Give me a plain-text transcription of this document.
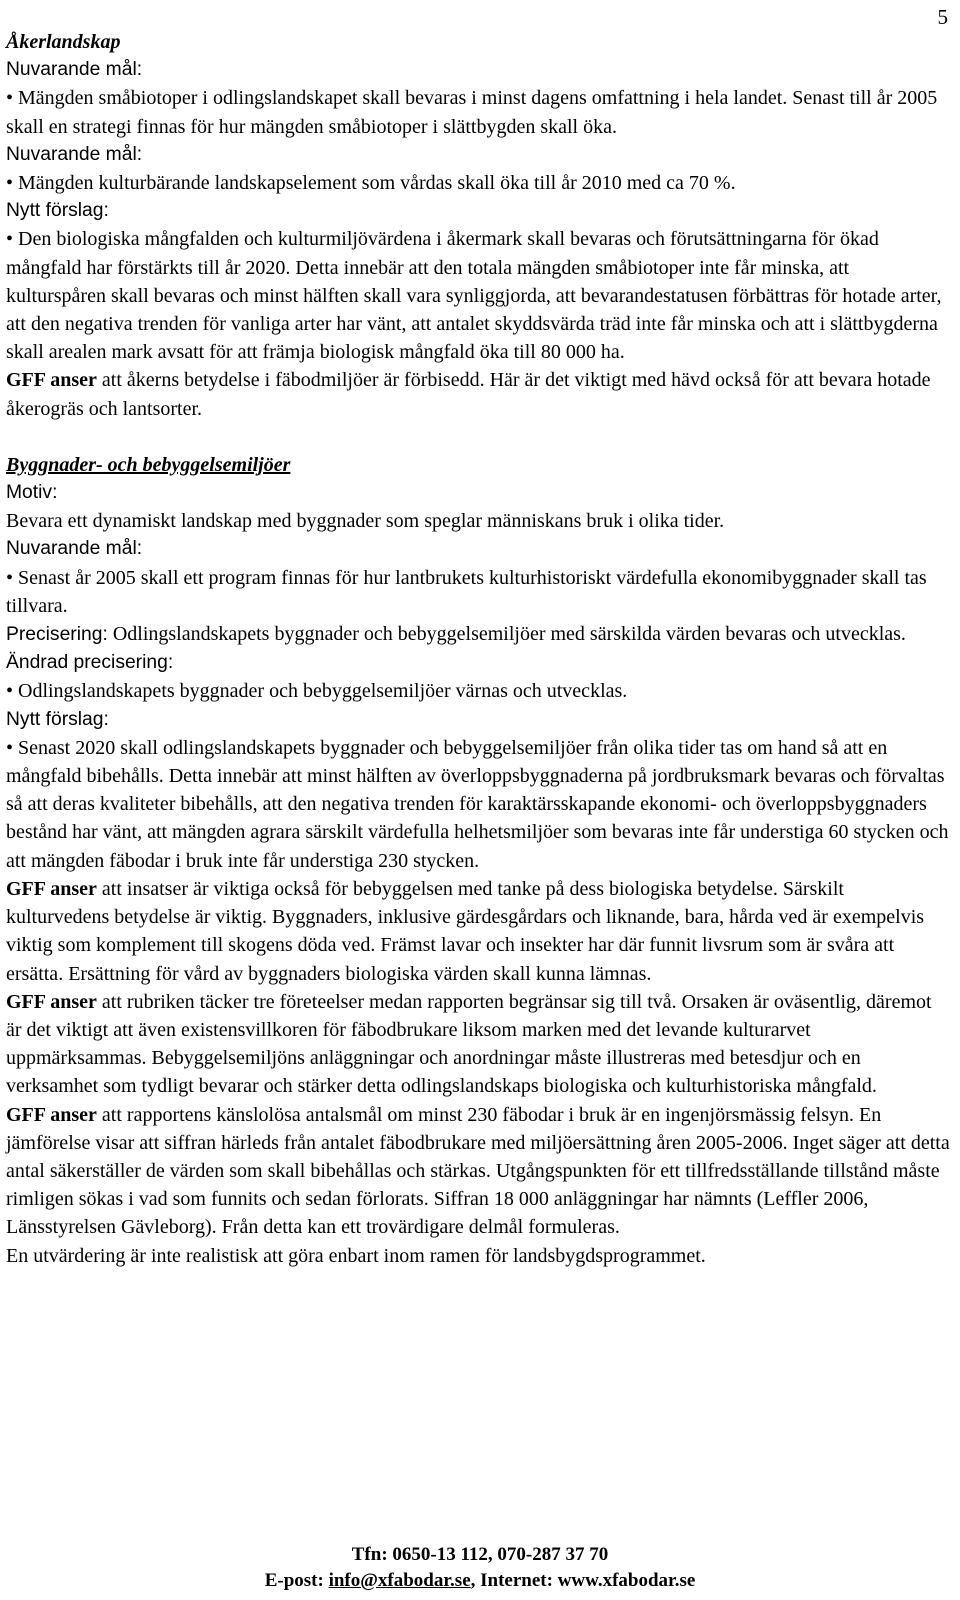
5

Åkerlandskap

Nuvarande mål:

• Mängden småbiotoper i odlingslandskapet skall bevaras i minst dagens omfattning i hela landet. Senast till år 2005 skall en strategi finnas för hur mängden småbiotoper i slättbygden skall öka.

Nuvarande mål:

• Mängden kulturbärande landskapselement som vårdas skall öka till år 2010 med ca 70 %.

Nytt förslag:

• Den biologiska mångfalden och kulturmiljövärdena i åkermark skall bevaras och förutsättningarna för ökad mångfald har förstärkts till år 2020. Detta innebär att den totala mängden småbiotoper inte får minska, att kulturspåren skall bevaras och minst hälften skall vara synliggjorda, att bevarandestatusen förbättras för hotade arter, att den negativa trenden för vanliga arter har vänt, att antalet skyddsvärda träd inte får minska och att i slättbygderna skall arealen mark avsatt för att främja biologisk mångfald öka till 80 000 ha.

GFF anser att åkerns betydelse i fäbodmiljöer är förbisedd. Här är det viktigt med hävd också för att bevara hotade åkerogräs och lantsorter.

Byggnader- och bebyggelsemiljöer

Motiv:

Bevara ett dynamiskt landskap med byggnader som speglar människans bruk i olika tider.

Nuvarande mål:

• Senast år 2005 skall ett program finnas för hur lantbrukets kulturhistoriskt värdefulla ekonomibyggnader skall tas tillvara.

Precisering: Odlingslandskapets byggnader och bebyggelsemiljöer med särskilda värden bevaras och utvecklas.

Ändrad precisering:

• Odlingslandskapets byggnader och bebyggelsemiljöer värnas och utvecklas.

Nytt förslag:

• Senast 2020 skall odlingslandskapets byggnader och bebyggelsemiljöer från olika tider tas om hand så att en mångfald bibehålls. Detta innebär att minst hälften av överloppsbyggnaderna på jordbruksmark bevaras och förvaltas så att deras kvaliteter bibehålls, att den negativa trenden för karaktärsskapande ekonomi- och överloppsbyggnaders bestånd har vänt, att mängden agrara särskilt värdefulla helhetsmiljöer som bevaras inte får understiga 60 stycken och att mängden fäbodar i bruk inte får understiga 230 stycken.

GFF anser att insatser är viktiga också för bebyggelsen med tanke på dess biologiska betydelse. Särskilt kulturvedens betydelse är viktig. Byggnaders, inklusive gärdesgårdars och liknande, bara, hårda ved är exempelvis viktig som komplement till skogens döda ved. Främst lavar och insekter har där funnit livsrum som är svåra att ersätta. Ersättning för vård av byggnaders biologiska värden skall kunna lämnas.

GFF anser att rubriken täcker tre företeelser medan rapporten begränsar sig till två. Orsaken är oväsentlig, däremot är det viktigt att även existensvillkoren för fäbodbrukare liksom marken med det levande kulturarvet uppmärksammas. Bebyggelsemiljöns anläggningar och anordningar måste illustreras med betesdjur och en verksamhet som tydligt bevarar och stärker detta odlingslandskaps biologiska och kulturhistoriska mångfald.

GFF anser att rapportens känslolösa antalsmål om minst 230 fäbodar i bruk är en ingenjörsmässig felsyn. En jämförelse visar att siffran härleds från antalet fäbodbrukare med miljöersättning åren 2005-2006. Inget säger att detta antal säkerställer de värden som skall bibehållas och stärkas. Utgångspunkten för ett tillfredsställande tillstånd måste rimligen sökas i vad som funnits och sedan förlorats. Siffran 18 000 anläggningar har nämnts (Leffler 2006, Länsstyrelsen Gävleborg). Från detta kan ett trovärdigare delmål formuleras.

En utvärdering är inte realistisk att göra enbart inom ramen för landsbygdsprogrammet.

Tfn: 0650-13 112, 070-287 37 70
E-post: info@xfabodar.se, Internet: www.xfabodar.se
